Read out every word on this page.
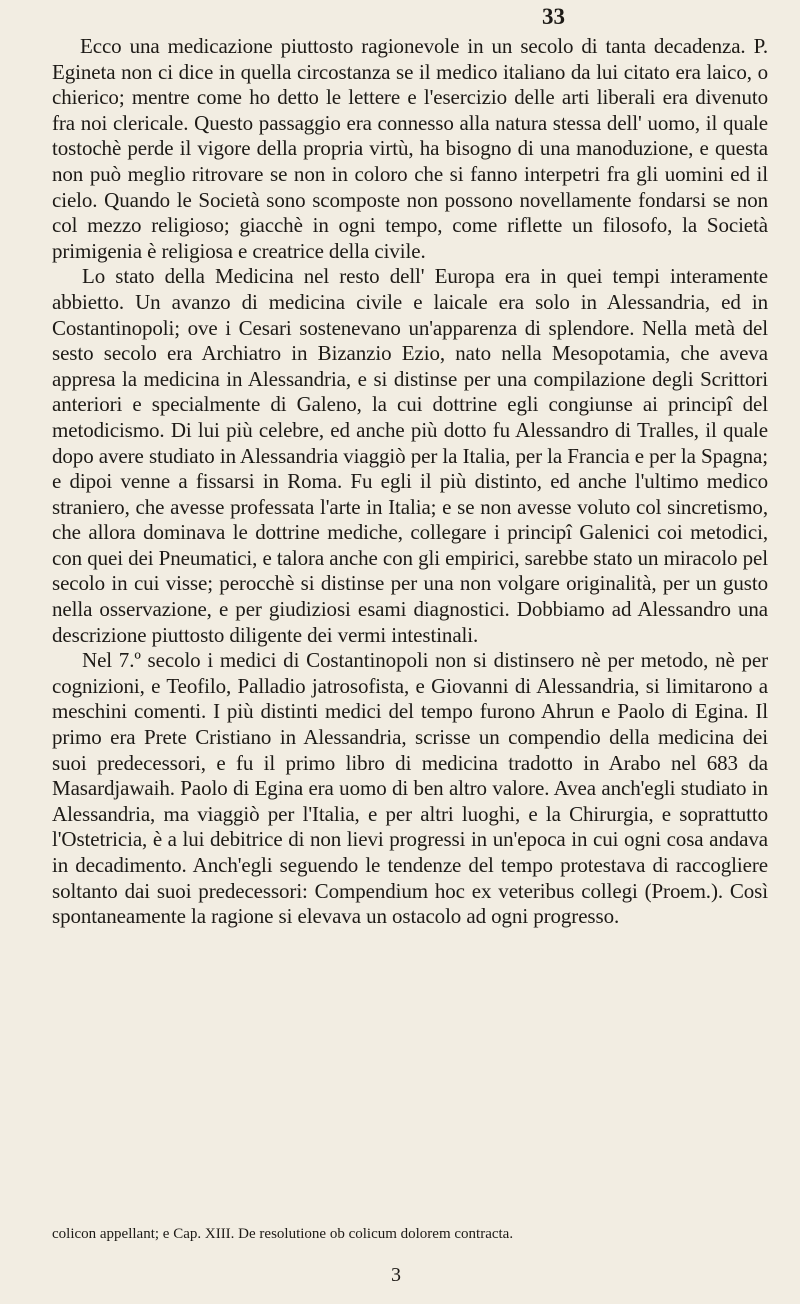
33

Ecco una medicazione piuttosto ragionevole in un secolo di tanta decadenza. P. Egineta non ci dice in quella circostanza se il medico italiano da lui citato era laico, o chierico; mentre come ho detto le lettere e l'esercizio delle arti liberali era divenuto fra noi clericale. Questo passaggio era connesso alla natura stessa dell' uomo, il quale tostochè perde il vigore della propria virtù, ha bisogno di una manoduzione, e questa non può meglio ritrovare se non in coloro che si fanno interpetri fra gli uomini ed il cielo. Quando le Società sono scomposte non possono novellamente fondarsi se non col mezzo religioso; giacchè in ogni tempo, come riflette un filosofo, la Società primigenia è religiosa e creatrice della civile.

Lo stato della Medicina nel resto dell' Europa era in quei tempi interamente abbietto. Un avanzo di medicina civile e laicale era solo in Alessandria, ed in Costantinopoli; ove i Cesari sostenevano un'apparenza di splendore. Nella metà del sesto secolo era Archiatro in Bizanzio Ezio, nato nella Mesopotamia, che aveva appresa la medicina in Alessandria, e si distinse per una compilazione degli Scrittori anteriori e specialmente di Galeno, la cui dottrine egli congiunse ai principî del metodicismo. Di lui più celebre, ed anche più dotto fu Alessandro di Tralles, il quale dopo avere studiato in Alessandria viaggiò per la Italia, per la Francia e per la Spagna; e dipoi venne a fissarsi in Roma. Fu egli il più distinto, ed anche l'ultimo medico straniero, che avesse professata l'arte in Italia; e se non avesse voluto col sincretismo, che allora dominava le dottrine mediche, collegare i principî Galenici coi metodici, con quei dei Pneumatici, e talora anche con gli empirici, sarebbe stato un miracolo pel secolo in cui visse; perocchè si distinse per una non volgare originalità, per un gusto nella osservazione, e per giudiziosi esami diagnostici. Dobbiamo ad Alessandro una descrizione piuttosto diligente dei vermi intestinali.

Nel 7.º secolo i medici di Costantinopoli non si distinsero nè per metodo, nè per cognizioni, e Teofilo, Palladio jatrosofista, e Giovanni di Alessandria, si limitarono a meschini comenti. I più distinti medici del tempo furono Ahrun e Paolo di Egina. Il primo era Prete Cristiano in Alessandria, scrisse un compendio della medicina dei suoi predecessori, e fu il primo libro di medicina tradotto in Arabo nel 683 da Masardjawaih. Paolo di Egina era uomo di ben altro valore. Avea anch'egli studiato in Alessandria, ma viaggiò per l'Italia, e per altri luoghi, e la Chirurgia, e soprattutto l'Ostetricia, è a lui debitrice di non lievi progressi in un'epoca in cui ogni cosa andava in decadimento. Anch'egli seguendo le tendenze del tempo protestava di raccogliere soltanto dai suoi predecessori: Compendium hoc ex veteribus collegi (Proem.). Così spontaneamente la ragione si elevava un ostacolo ad ogni progresso.

colicon appellant; e Cap. XIII. De resolutione ob colicum dolorem contracta.
3
